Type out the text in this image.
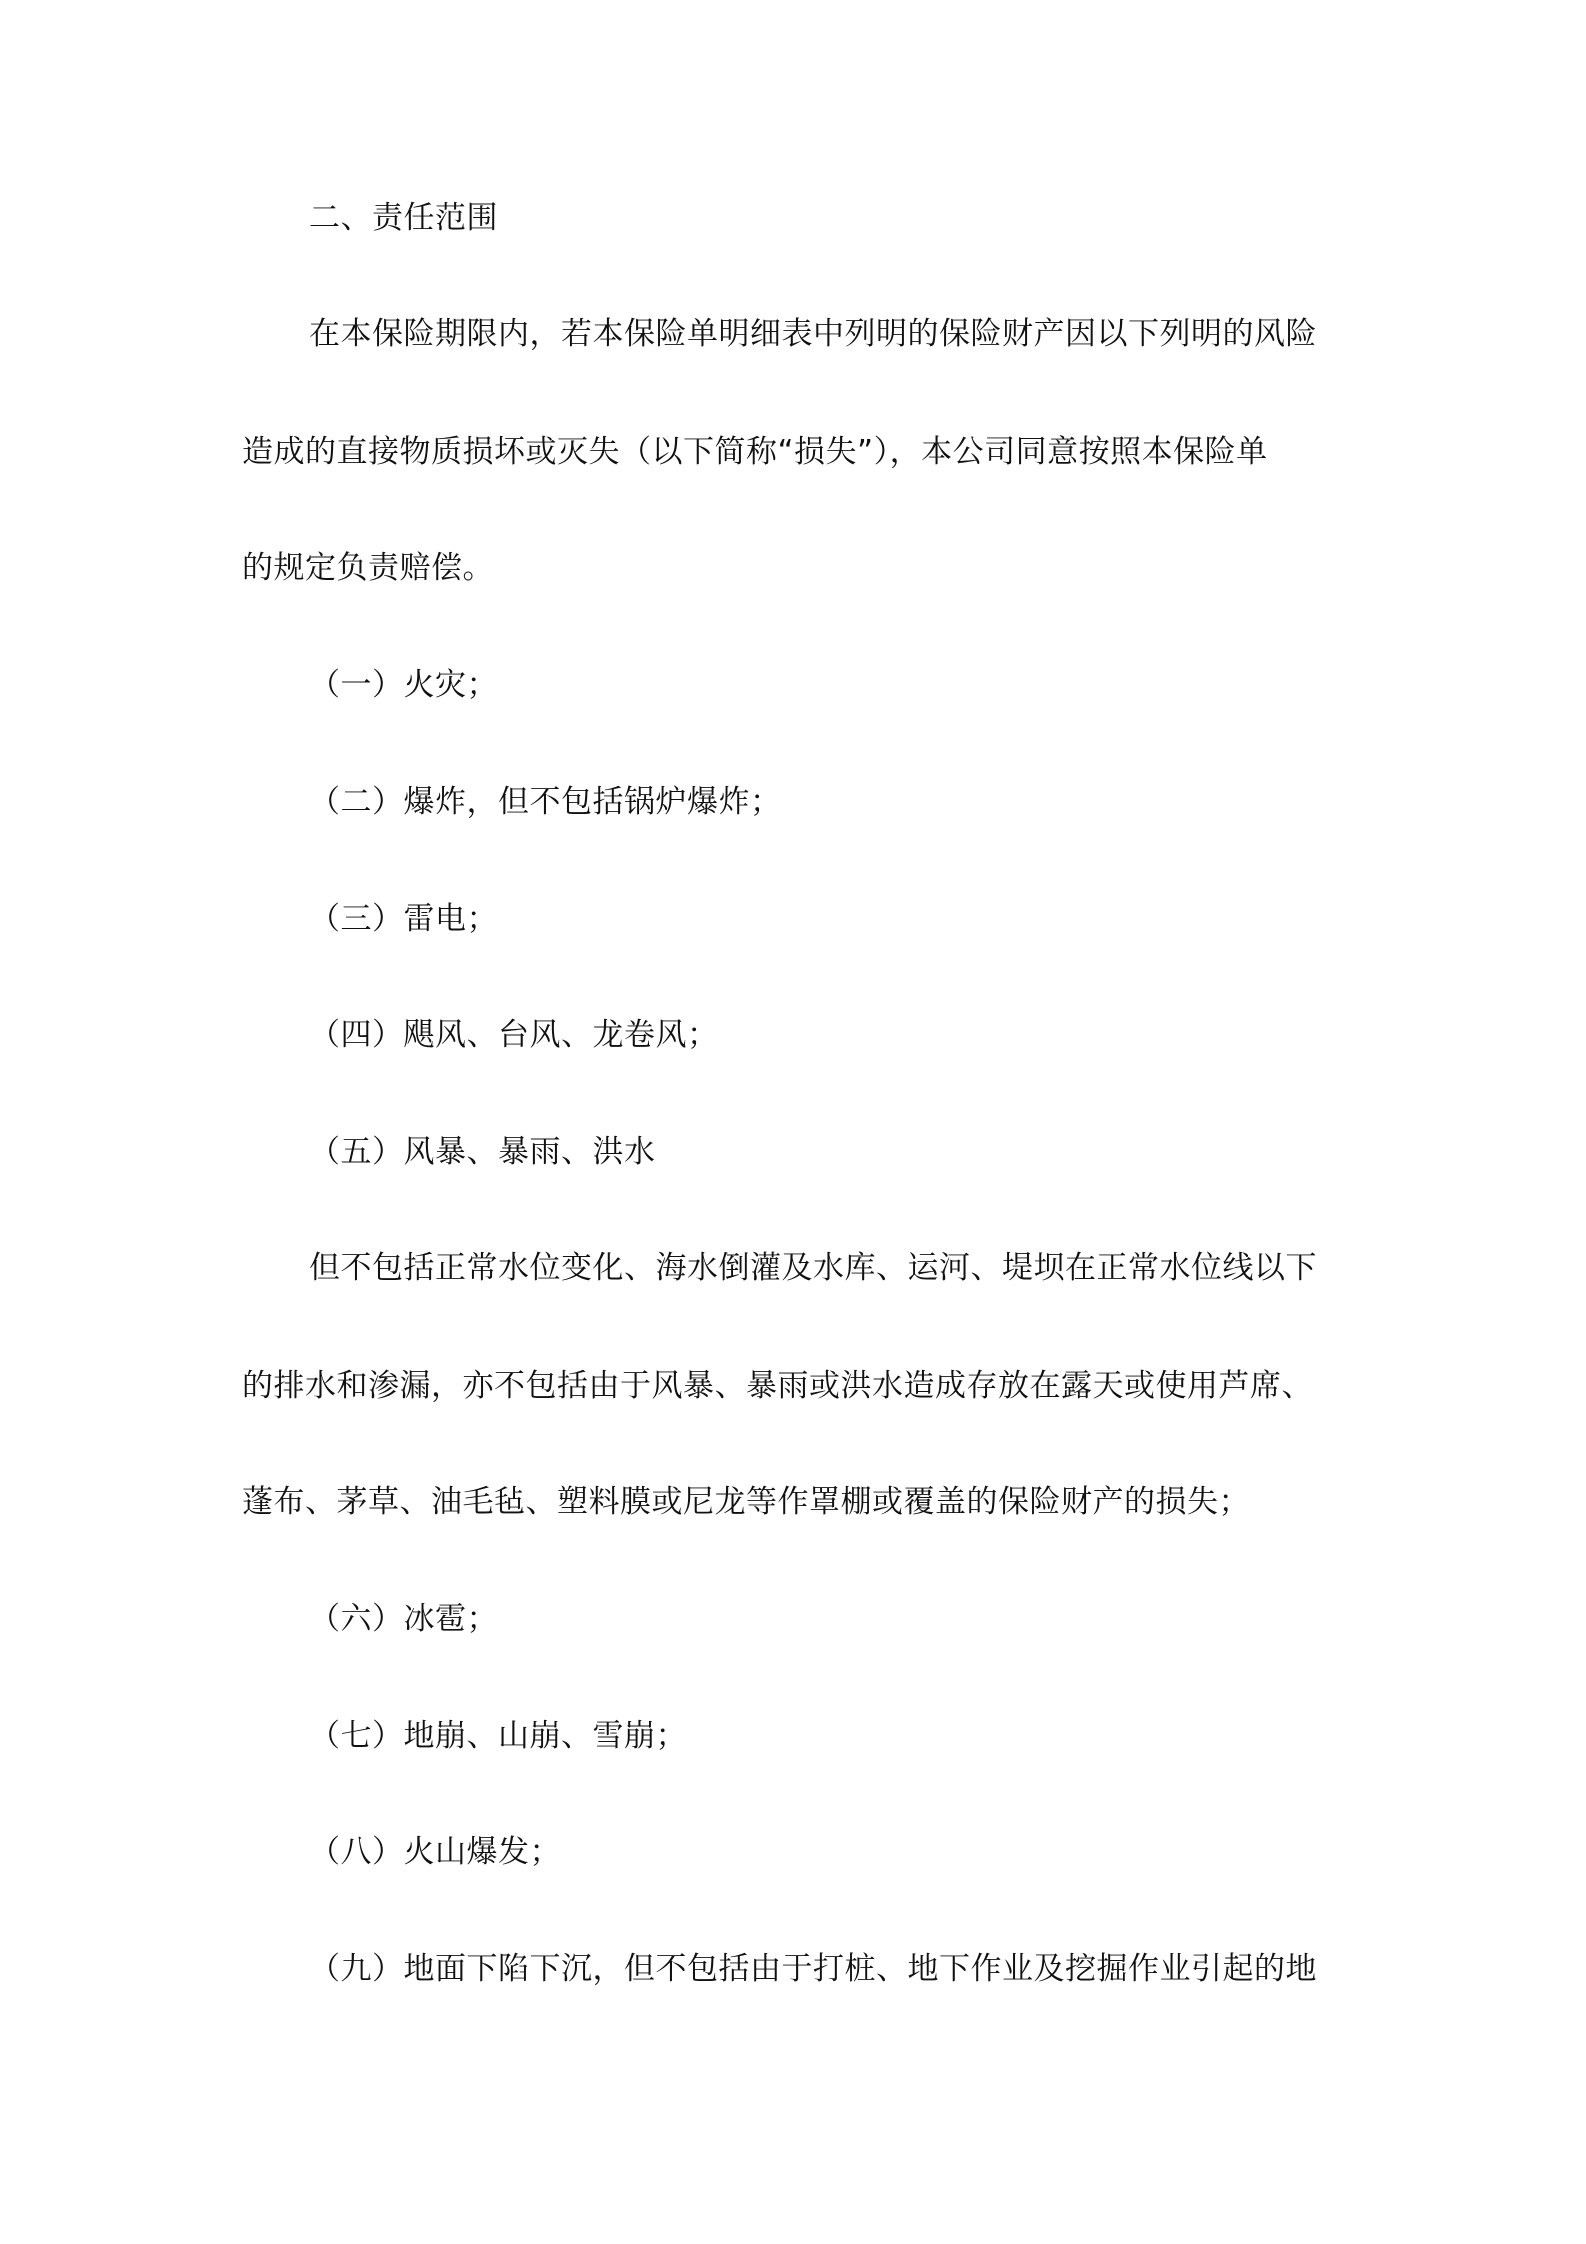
二、责任范围
在本保险期限内，若本保险单明细表中列明的保险财产因以下列明的风险
造成的直接物质损坏或灭失（以下简称“损失”），本公司同意按照本保险单
的规定负责赔偿。
（一）火灾；
（二）爆炸，但不包括锅炉爆炸；
（三）雷电；
（四）飓风、台风、龙卷风；
（五）风暴、暴雨、洪水
但不包括正常水位变化、海水倒灌及水库、运河、堤坝在正常水位线以下
的排水和渗漏，亦不包括由于风暴、暴雨或洪水造成存放在露天或使用芦席、
蓬布、茅草、油毛毡、塑料膜或尼龙等作罩棚或覆盖的保险财产的损失；
（六）冰雹；
（七）地崩、山崩、雪崩；
（八）火山爆发；
（九）地面下陷下沉，但不包括由于打桩、地下作业及挖掘作业引起的地
